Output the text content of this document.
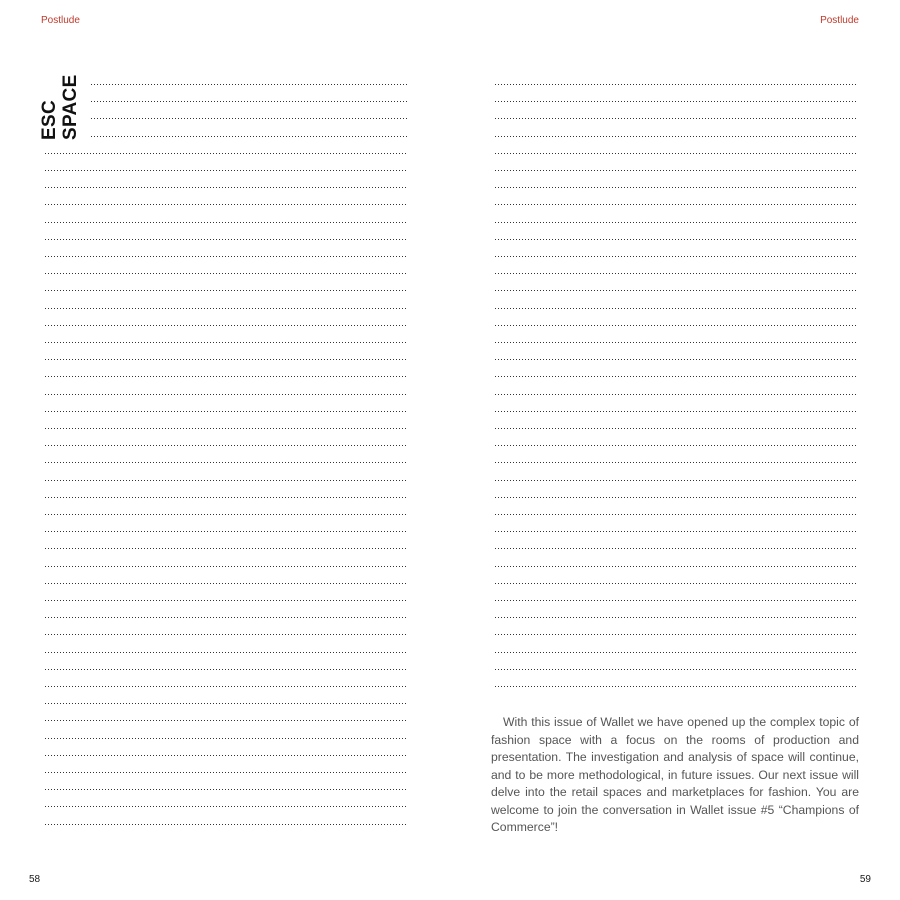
Postlude
ESC SPACE
58
Postlude

With this issue of Wallet we have opened up the complex topic of fashion space with a focus on the rooms of production and presentation. The investigation and analysis of space will continue, and to be more methodological, in future issues. Our next issue will delve into the retail spaces and marketplaces for fashion. You are welcome to join the conversation in Wallet issue #5 “Champions of Commerce”!

59
